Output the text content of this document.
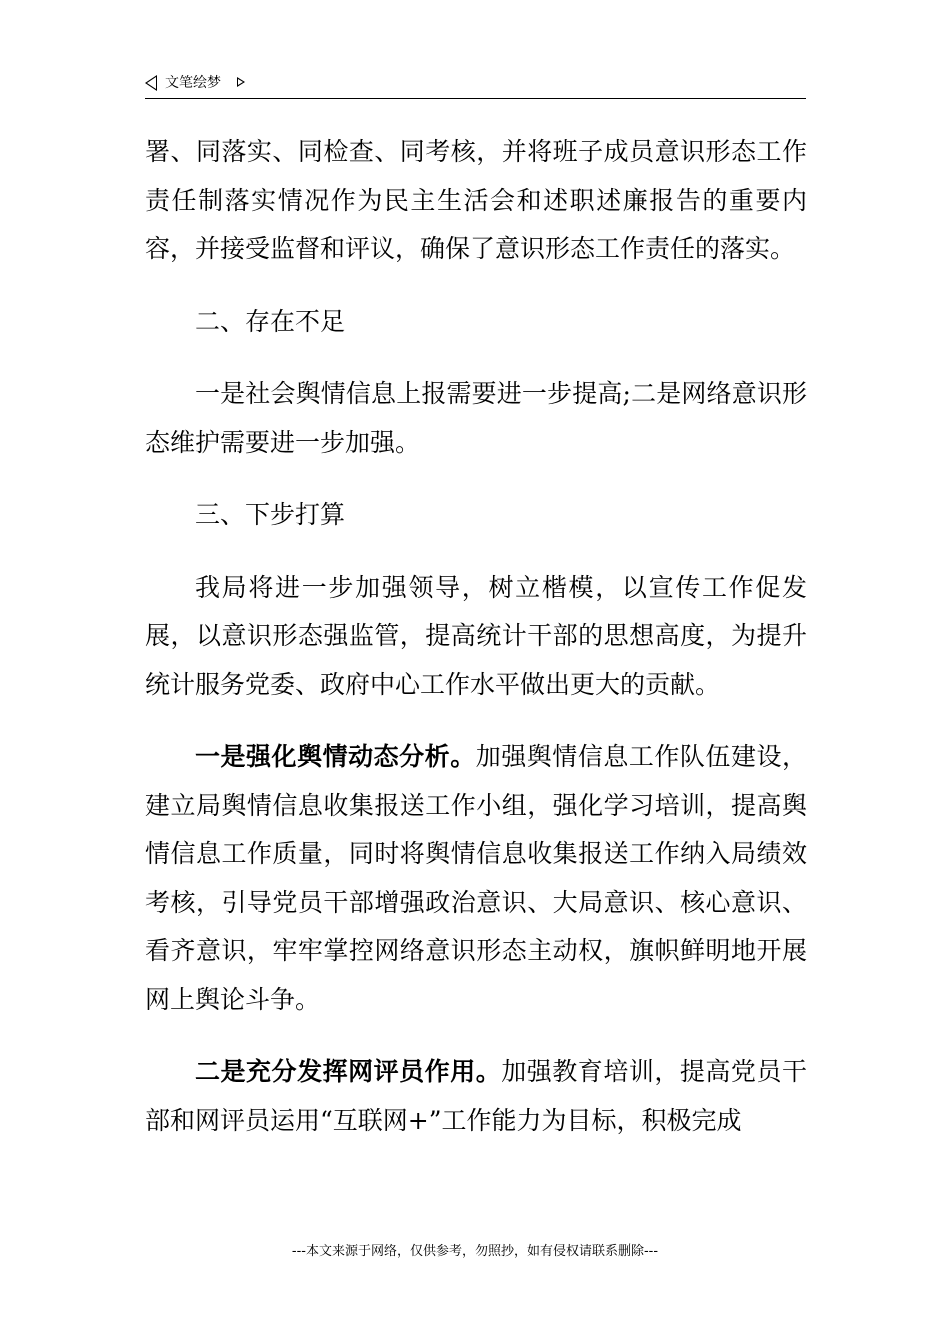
文笔绘梦

署、同落实、同检查、同考核，并将班子成员意识形态工作责任制落实情况作为民主生活会和述职述廉报告的重要内容，并接受监督和评议，确保了意识形态工作责任的落实。

二、存在不足

一是社会舆情信息上报需要进一步提高;二是网络意识形态维护需要进一步加强。

三、下步打算

我局将进一步加强领导，树立楷模，以宣传工作促发展，以意识形态强监管，提高统计干部的思想高度，为提升统计服务党委、政府中心工作水平做出更大的贡献。

一是强化舆情动态分析。加强舆情信息工作队伍建设，建立局舆情信息收集报送工作小组，强化学习培训，提高舆情信息工作质量，同时将舆情信息收集报送工作纳入局绩效考核，引导党员干部增强政治意识、大局意识、核心意识、看齐意识，牢牢掌控网络意识形态主动权，旗帜鲜明地开展网上舆论斗争。

二是充分发挥网评员作用。加强教育培训，提高党员干部和网评员运用“互联网+”工作能力为目标，积极完成

---本文来源于网络，仅供参考，勿照抄，如有侵权请联系删除---
